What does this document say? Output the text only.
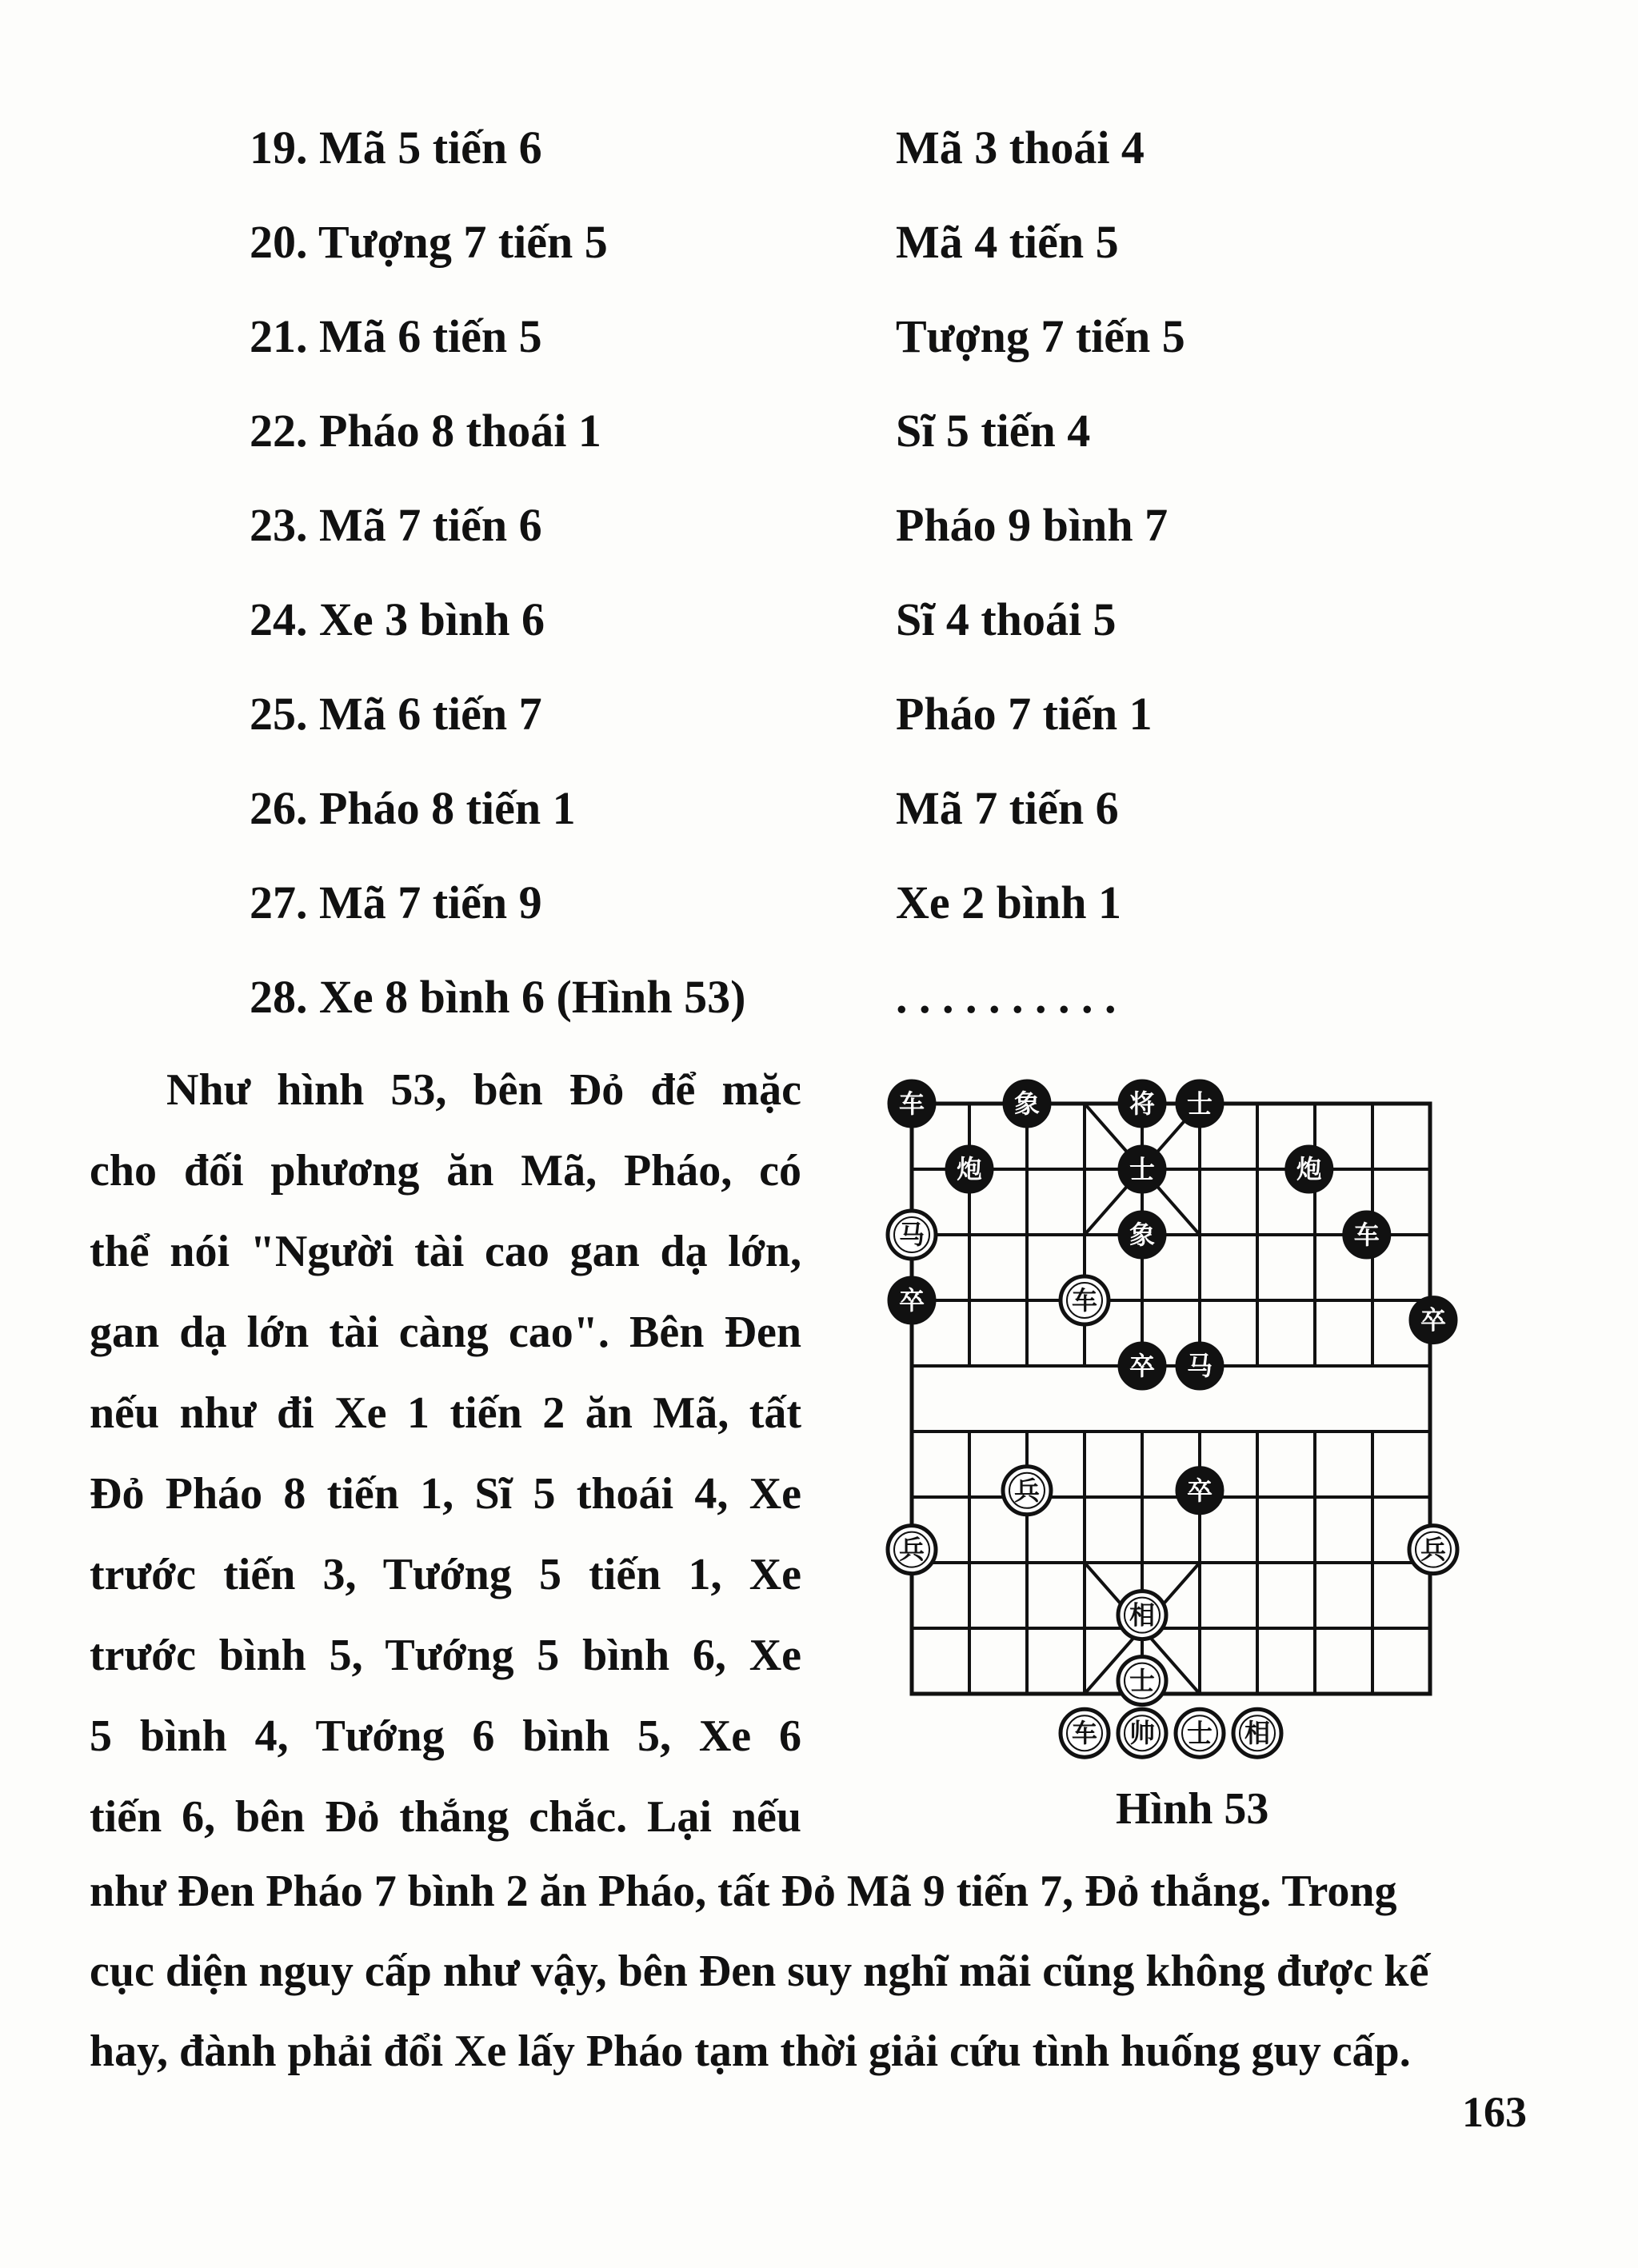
19. Mã 5 tiến 6	Mã 3 thoái 4
20. Tượng 7 tiến 5	Mã 4 tiến 5
21. Mã 6 tiến 5	Tượng 7 tiến 5
22. Pháo 8 thoái 1	Sĩ 5 tiến 4
23. Mã 7 tiến 6	Pháo 9 bình 7
24. Xe 3 bình 6	Sĩ 4 thoái 5
25. Mã 6 tiến 7	Pháo 7 tiến 1
26. Pháo 8 tiến 1	Mã 7 tiến 6
27. Mã 7 tiến 9	Xe 2 bình 1
28. Xe 8 bình 6 (Hình 53)	. . . . . . . . . .
Như hình 53, bên Đỏ để mặc
cho đối phương ăn Mã, Pháo, có
thể nói "Người tài cao gan dạ lớn,
gan dạ lớn tài càng cao". Bên Đen
nếu như đi Xe 1 tiến 2 ăn Mã, tất
Đỏ Pháo 8 tiến 1, Sĩ 5 thoái 4, Xe
trước tiến 3, Tướng 5 tiến 1, Xe
trước bình 5, Tướng 5 bình 6, Xe
5 bình 4, Tướng 6 bình 5, Xe 6
tiến 6, bên Đỏ thắng chắc. Lại nếu
车	象	将 士
炮	士	炮
马	象	车
卒	车
卒
卒 马
兵	卒
兵	兵
相
士
车 帅 士 相
Hình 53
như Đen Pháo 7 bình 2 ăn Pháo, tất Đỏ Mã 9 tiến 7, Đỏ thắng. Trong
cục diện nguy cấp như vậy, bên Đen suy nghĩ mãi cũng không được kế
hay, đành phải đổi Xe lấy Pháo tạm thời giải cứu tình huống guy cấp.
163
